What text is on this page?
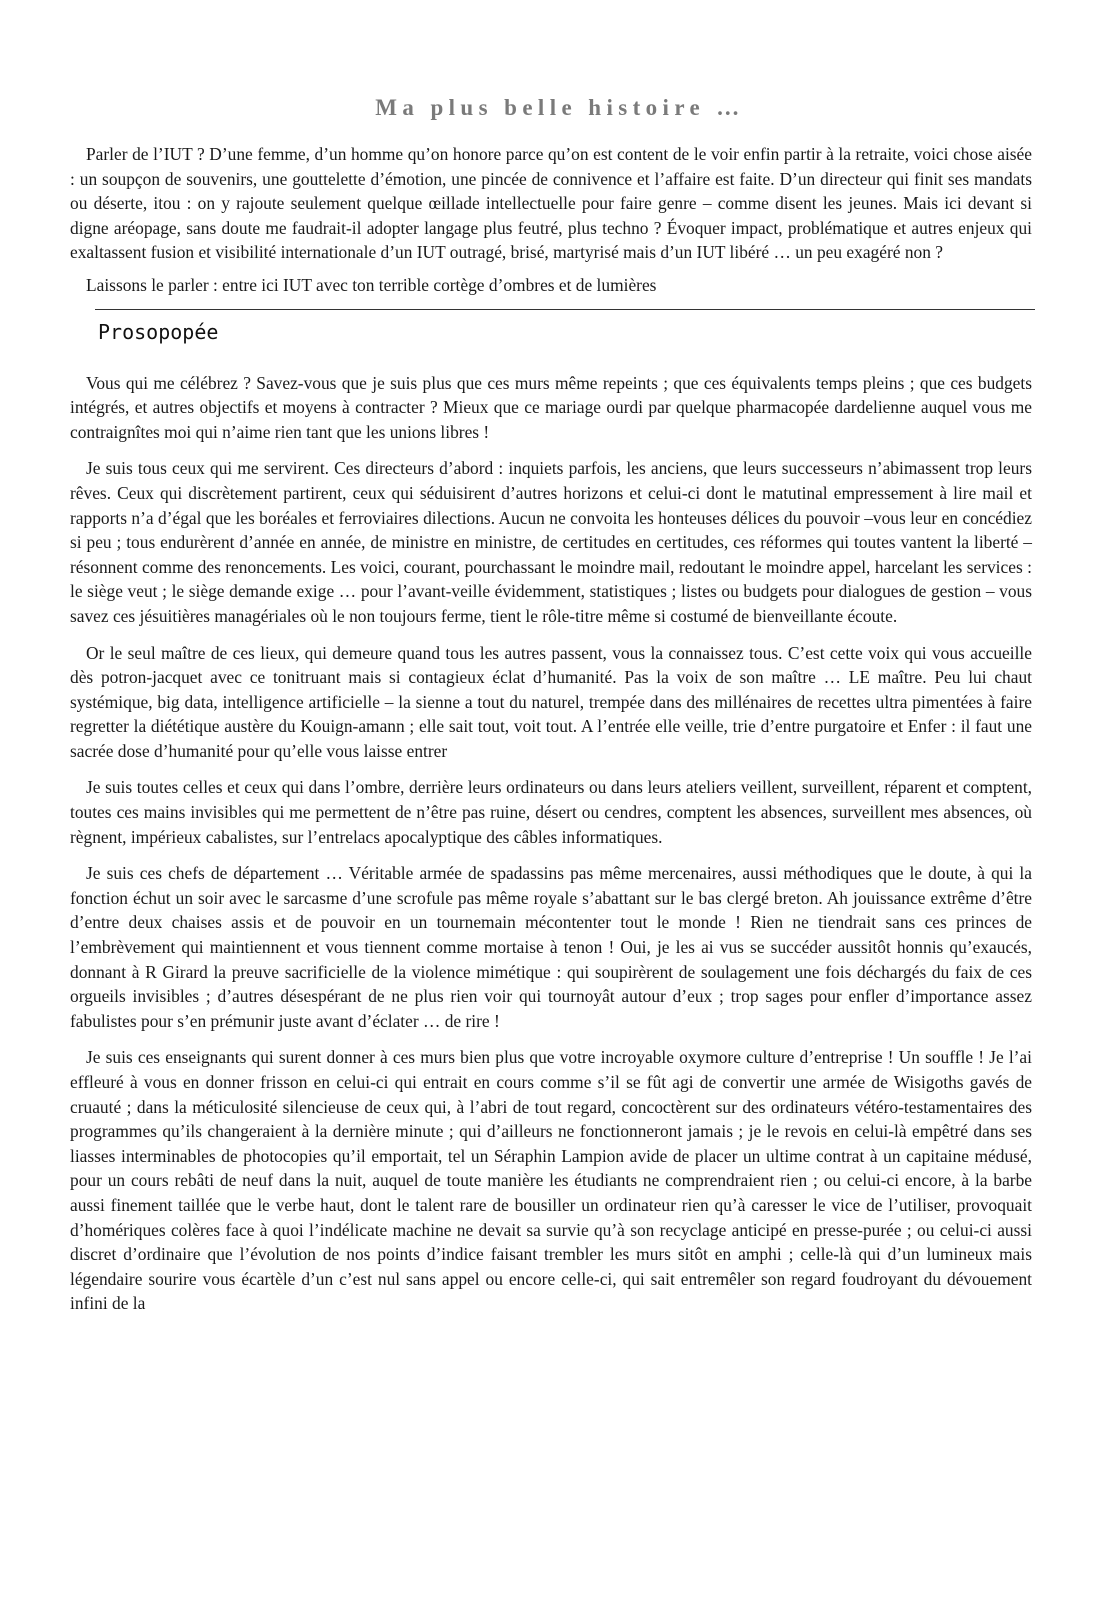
Ma plus belle histoire …

Parler de l’IUT ? D’une femme, d’un homme qu’on honore parce qu’on est content de le voir enfin partir à la retraite, voici chose aisée : un soupçon de souvenirs, une gouttelette d’émotion, une pincée de connivence et l’affaire est faite. D’un directeur qui finit ses mandats ou déserte, itou : on y rajoute seulement quelque œillade intellectuelle pour faire genre – comme disent les jeunes. Mais ici devant si digne aréopage, sans doute me faudrait-il adopter langage plus feutré, plus techno ? Évoquer impact, problématique et autres enjeux qui exaltassent fusion et visibilité internationale d’un IUT outragé, brisé, martyrisé mais d’un IUT libéré … un peu exagéré non ?

Laissons le parler : entre ici IUT avec ton terrible cortège d’ombres et de lumières

Prosopopée

Vous qui me célébrez ? Savez-vous que je suis plus que ces murs même repeints ; que ces équivalents temps pleins ; que ces budgets intégrés, et autres objectifs et moyens à contracter ? Mieux que ce mariage ourdi par quelque pharmacopée dardelienne auquel vous me contraignîtes moi qui n’aime rien tant que les unions libres !

Je suis tous ceux qui me servirent. Ces directeurs d’abord : inquiets parfois, les anciens, que leurs successeurs n’abimassent trop leurs rêves. Ceux qui discrètement partirent, ceux qui séduisirent d’autres horizons et celui-ci dont le matutinal empressement à lire mail et rapports n’a d’égal que les boréales et ferroviaires dilections. Aucun ne convoita les honteuses délices du pouvoir –vous leur en concédiez si peu ; tous endurèrent d’année en année, de ministre en ministre, de certitudes en certitudes, ces réformes qui toutes vantent la liberté – résonnent comme des renoncements. Les voici, courant, pourchassant le moindre mail, redoutant le moindre appel, harcelant les services : le siège veut ; le siège demande exige … pour l’avant-veille évidemment, statistiques ; listes ou budgets pour dialogues de gestion – vous savez ces jésuitières managériales où le non toujours ferme, tient le rôle-titre même si costumé de bienveillante écoute.

Or le seul maître de ces lieux, qui demeure quand tous les autres passent, vous la connaissez tous. C’est cette voix qui vous accueille dès potron-jacquet avec ce tonitruant mais si contagieux éclat d’humanité. Pas la voix de son maître … LE maître. Peu lui chaut systémique, big data, intelligence artificielle – la sienne a tout du naturel, trempée dans des millénaires de recettes ultra pimentées à faire regretter la diététique austère du Kouign-amann ; elle sait tout, voit tout. A l’entrée elle veille, trie d’entre purgatoire et Enfer : il faut une sacrée dose d’humanité pour qu’elle vous laisse entrer

Je suis toutes celles et ceux qui dans l’ombre, derrière leurs ordinateurs ou dans leurs ateliers veillent, surveillent, réparent et comptent, toutes ces mains invisibles qui me permettent de n’être pas ruine, désert ou cendres, comptent les absences, surveillent mes absences, où règnent, impérieux cabalistes, sur l’entrelacs apocalyptique des câbles informatiques.

Je suis ces chefs de département … Véritable armée de spadassins pas même mercenaires, aussi méthodiques que le doute, à qui la fonction échut un soir avec le sarcasme d’une scrofule pas même royale s’abattant sur le bas clergé breton. Ah jouissance extrême d’être d’entre deux chaises assis et de pouvoir en un tournemain mécontenter tout le monde ! Rien ne tiendrait sans ces princes de l’embrèvement qui maintiennent et vous tiennent comme mortaise à tenon ! Oui, je les ai vus se succéder aussitôt honnis qu’exaucés, donnant à R Girard la preuve sacrificielle de la violence mimétique : qui soupirèrent de soulagement une fois déchargés du faix de ces orgueils invisibles ; d’autres désespérant de ne plus rien voir qui tournoyât autour d’eux ; trop sages pour enfler d’importance assez fabulistes pour s’en prémunir juste avant d’éclater … de rire !

Je suis ces enseignants qui surent donner à ces murs bien plus que votre incroyable oxymore culture d’entreprise ! Un souffle ! Je l’ai effleuré à vous en donner frisson en celui-ci qui entrait en cours comme s’il se fût agi de convertir une armée de Wisigoths gavés de cruauté ; dans la méticulosité silencieuse de ceux qui, à l’abri de tout regard, concoctèrent sur des ordinateurs vétéro-testamentaires des programmes qu’ils changeraient à la dernière minute ; qui d’ailleurs ne fonctionneront jamais ; je le revois en celui-là empêtré dans ses liasses interminables de photocopies qu’il emportait, tel un Séraphin Lampion avide de placer un ultime contrat à un capitaine médusé, pour un cours rebâti de neuf dans la nuit, auquel de toute manière les étudiants ne comprendraient rien ; ou celui-ci encore, à la barbe aussi finement taillée que le verbe haut, dont le talent rare de bousiller un ordinateur rien qu’à caresser le vice de l’utiliser, provoquait d’homériques colères face à quoi l’indélicate machine ne devait sa survie qu’à son recyclage anticipé en presse-purée ; ou celui-ci aussi discret d’ordinaire que l’évolution de nos points d’indice faisant trembler les murs sitôt en amphi ; celle-là qui d’un lumineux mais légendaire sourire vous écartèle d’un c’est nul sans appel ou encore celle-ci, qui sait entremêler son regard foudroyant du dévouement infini de la
